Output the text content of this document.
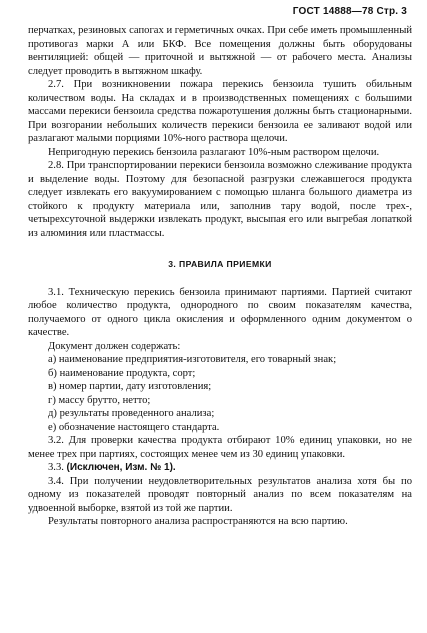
ГОСТ 14888—78 Стр. 3

перчатках, резиновых сапогах и герметичных очках. При себе иметь промышленный противогаз марки А или БКФ. Все помещения должны быть оборудованы вентиляцией: общей — приточной и вытяжной — от рабочего места. Анализы следует проводить в вытяжном шкафу.

2.7. При возникновении пожара перекись бензоила тушить обильным количеством воды. На складах и в производственных помещениях с большими массами перекиси бензоила средства пожаротушения должны быть стационарными. При возгорании небольших количеств перекиси бензоила ее заливают водой или разлагают малыми порциями 10%-ного раствора щелочи.

Непригодную перекись бензоила разлагают 10%-ным раствором щелочи.

2.8. При транспортировании перекиси бензоила возможно слеживание продукта и выделение воды. Поэтому для безопасной разгрузки слежавшегося продукта следует извлекать его вакуумированием с помощью шланга большого диаметра из стойкого к продукту материала или, заполнив тару водой, после трех-, четырехсуточной выдержки извлекать продукт, высыпая его или выгребая лопаткой из алюминия или пластмассы.

3. ПРАВИЛА ПРИЕМКИ

3.1. Техническую перекись бензоила принимают партиями. Партией считают любое количество продукта, однородного по своим показателям качества, получаемого от одного цикла окисления и оформленного одним документом о качестве.

Документ должен содержать:

а) наименование предприятия-изготовителя, его товарный знак;

б) наименование продукта, сорт;

в) номер партии, дату изготовления;

г) массу брутто, нетто;

д) результаты проведенного анализа;

е) обозначение настоящего стандарта.

3.2. Для проверки качества продукта отбирают 10% единиц упаковки, но не менее трех при партиях, состоящих менее чем из 30 единиц упаковки.

3.3. (Исключен, Изм. № 1).

3.4. При получении неудовлетворительных результатов анализа хотя бы по одному из показателей проводят повторный анализ по всем показателям на удвоенной выборке, взятой из той же партии.

Результаты повторного анализа распространяются на всю партию.
